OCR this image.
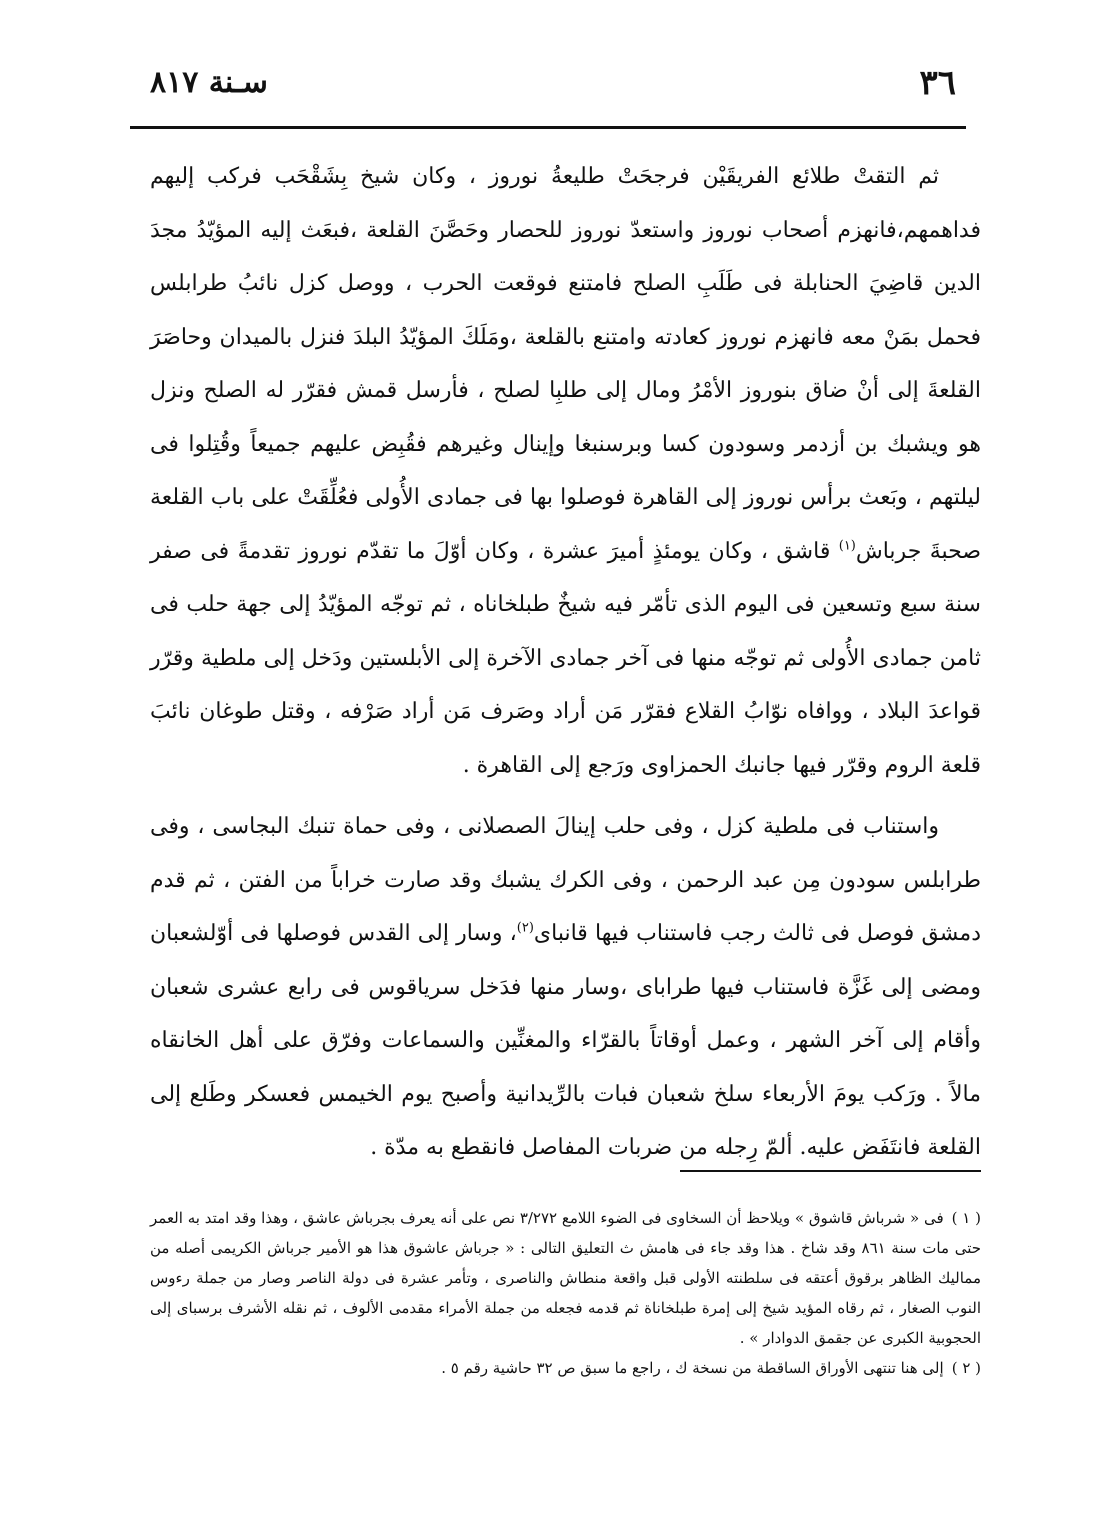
٣٦
سـنة ٨١٧

ثم التقتْ طلائع الفريقَيْن فرجحَتْ طليعةُ نوروز ، وكان شيخ بِشَقْحَب فركب إليهم فداهمهم،فانهزم أصحاب نوروز واستعدّ نوروز للحصار وحَصَّنَ القلعة ،فبعَث إليه المؤيّدُ مجدَ الدين قاضِيَ الحنابلة فى طَلَبِ الصلح فامتنع فوقعت الحرب ، ووصل كزل نائبُ طرابلس فحمل بمَنْ معه فانهزم نوروز كعادته وامتنع بالقلعة ،ومَلَكَ المؤيّدُ البلدَ فنزل بالميدان وحاصَرَ القلعةَ إلى أنْ ضاق بنوروز الأمْرُ ومال إلى طلبِا لصلح ، فأرسل قمش فقرّر له الصلح ونزل هو ويشبك بن أزدمر وسودون كسا وبرسنبغا وإينال وغيرهم فقُبِض عليهم جميعاً وقُتِلوا فى ليلتهم ، وبَعث برأس نوروز إلى القاهرة فوصلوا بها فى جمادى الأُولى فعُلِّقَتْ على باب القلعة صحبةَ جرباش$^{(١)}$ قاشق ، وكان يومئذٍ أميرَ عشرة ، وكان أوّلَ ما تقدّم نوروز تقدمةً فى صفر سنة سبع وتسعين فى اليوم الذى تأمّر فيه شيخٌ طبلخاناه ، ثم توجّه المؤيّدُ إلى جهة حلب فى ثامن جمادى الأُولى ثم توجّه منها فى آخر جمادى الآخرة إلى الأبلستين ودَخل إلى ملطية وقرّر قواعدَ البلاد ، ووافاه نوّابُ القلاع فقرّر مَن أراد وصَرف مَن أراد صَرْفه ، وقتل طوغان نائبَ قلعة الروم وقرّر فيها جانبك الحمزاوى ورَجع إلى القاهرة .

واستناب فى ملطية كزل ، وفى حلب إينالَ الصصلانى ، وفى حماة تنبك البجاسى ، وفى طرابلس سودون مِن عبد الرحمن ، وفى الكرك يشبك وقد صارت خراباً من الفتن ، ثم قدم دمشق فوصل فى ثالث رجب فاستناب فيها قانباى$^{(٢)}$، وسار إلى القدس فوصلها فى أوّلشعبان ومضى إلى غَزَّة فاستناب فيها طراباى ،وسار منها فدَخل سرياقوس فى رابع عشرى شعبان وأقام إلى آخر الشهر ، وعمل أوقاتاً بالقرّاء والمغنِّين والسماعات وفرّق على أهل الخانقاه مالاً . ورَكب يومَ الأربعاء سلخ شعبان فبات بالرِّيدانية وأصبح يوم الخيمس فعسكر وطَلع إلى القلعة فانتَفَض عليه. ألمّ رِجله من ضربات المفاصل فانقطع به مدّة .

( ١ )فى « شرباش قاشوق » ويلاحظ أن السخاوى فى الضوء اللامع ٣/٢٧٢ نص على أنه يعرف بجرباش عاشق ، وهذا وقد امتد به العمر حتى مات سنة ٨٦١ وقد شاخ . هذا وقد جاء فى هامش ث التعليق التالى : « جرباش عاشوق هذا هو الأمير جرباش الكريمى أصله من مماليك الظاهر برقوق أعتقه فى سلطنته الأولى قبل واقعة منطاش والناصرى ، وتأمر عشرة فى دولة الناصر وصار من جملة رءوس النوب الصغار ، ثم رقاه المؤيد شيخ إلى إمرة طبلخاناة ثم قدمه فجعله من جملة الأمراء مقدمى الألوف ، ثم نقله الأشرف برسباى إلى الحجوبية الكبرى عن جقمق الدوادار » .

( ٢ )إلى هنا تنتهى الأوراق الساقطة من نسخة ك ، راجع ما سبق ص ٣٢ حاشية رقم ٥ .
